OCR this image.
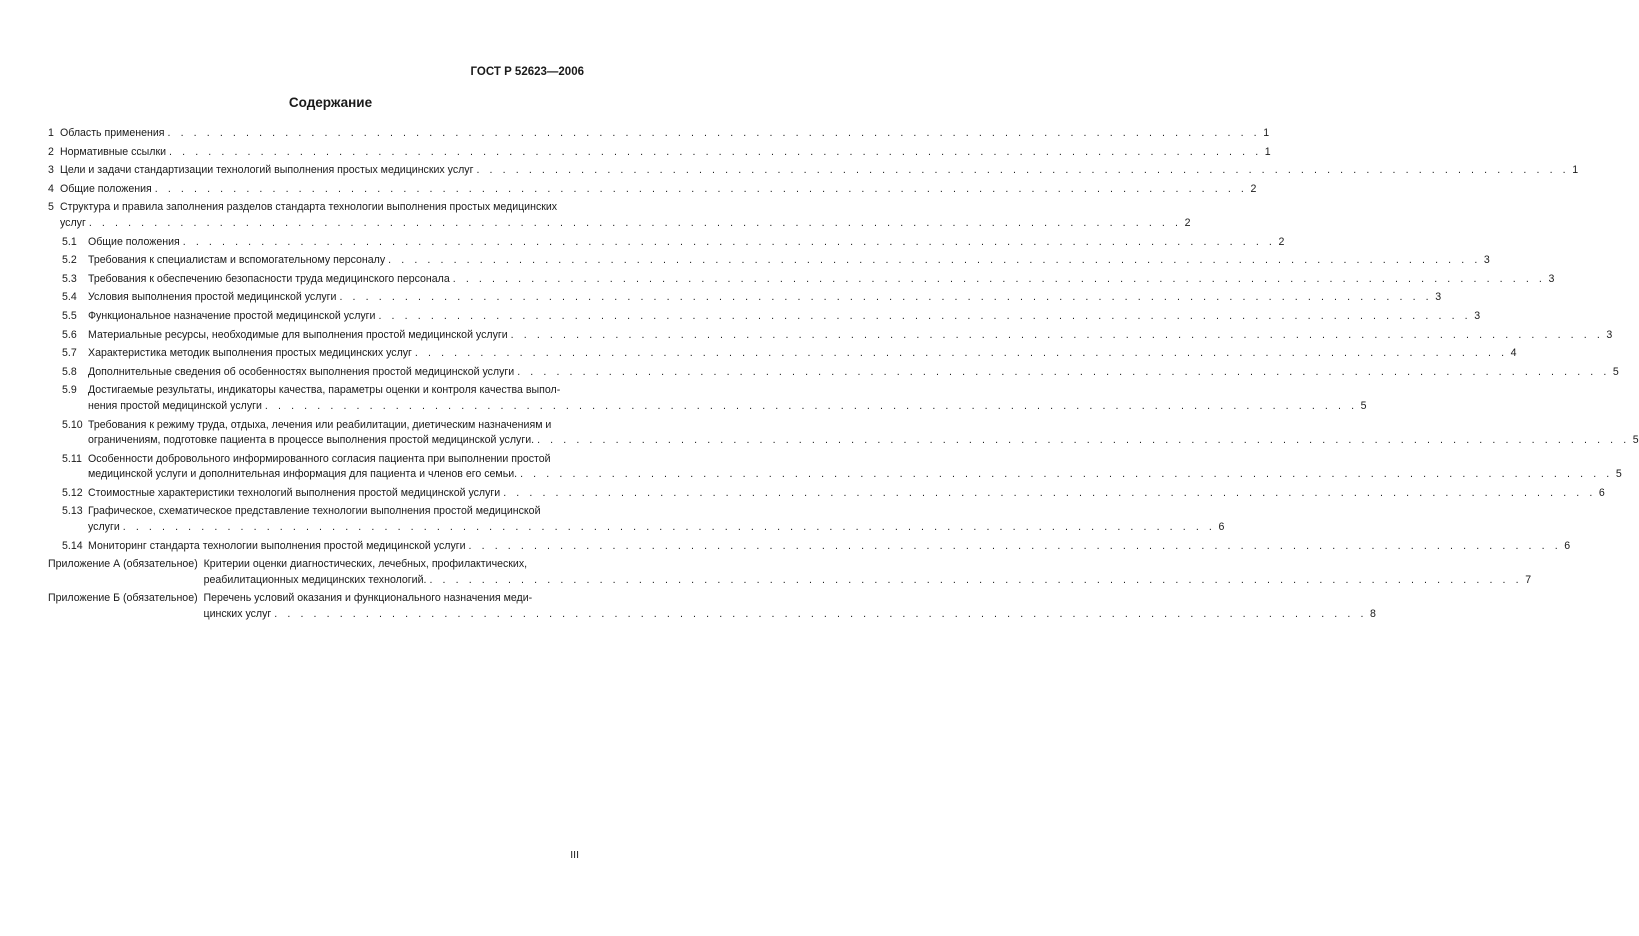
ГОСТ Р 52623—2006
Содержание
1 Область применения . . . . . . . . . . . . . . . . . . . . . . . . . . . . . . . . . . . . . . . . . . . . . . . . . . . . . . . . . . . . . . . . . . . . . . . . . . . . . . . . . . . . 1
2 Нормативные ссылки . . . . . . . . . . . . . . . . . . . . . . . . . . . . . . . . . . . . . . . . . . . . . . . . . . . . . . . . . . . . . . . . . . . . . . . . . . . . . . . . . . . . 1
3 Цели и задачи стандартизации технологий выполнения простых медицинских услуг . . . . . . . . . . . . . . . . . . . . . . . . . . . . . . . . . . . . . . . . . . . . . . . . . . . . . . . . . . . . . . . . . . . . . . . . . . . . . . . . . . . . 1
4 Общие положения . . . . . . . . . . . . . . . . . . . . . . . . . . . . . . . . . . . . . . . . . . . . . . . . . . . . . . . . . . . . . . . . . . . . . . . . . . . . . . . . . . . . 2
5 Структура и правила заполнения разделов стандарта технологии выполнения простых медицинских
услуг . . . . . . . . . . . . . . . . . . . . . . . . . . . . . . . . . . . . . . . . . . . . . . . . . . . . . . . . . . . . . . . . . . . . . . . . . . . . . . . . . . . . 2
5.1	Общие положения . . . . . . . . . . . . . . . . . . . . . . . . . . . . . . . . . . . . . . . . . . . . . . . . . . . . . . . . . . . . . . . . . . . . . . . . . . . . . . . . . . . . 2
5.2	Требования к специалистам и вспомогательному персоналу . . . . . . . . . . . . . . . . . . . . . . . . . . . . . . . . . . . . . . . . . . . . . . . . . . . . . . . . . . . . . . . . . . . . . . . . . . . . . . . . . . . . 3
5.3	Требования к обеспечению безопасности труда медицинского персонала . . . . . . . . . . . . . . . . . . . . . . . . . . . . . . . . . . . . . . . . . . . . . . . . . . . . . . . . . . . . . . . . . . . . . . . . . . . . . . . . . . . . 3
5.4	Условия выполнения простой медицинской услуги . . . . . . . . . . . . . . . . . . . . . . . . . . . . . . . . . . . . . . . . . . . . . . . . . . . . . . . . . . . . . . . . . . . . . . . . . . . . . . . . . . . . 3
5.5	Функциональное назначение простой медицинской услуги . . . . . . . . . . . . . . . . . . . . . . . . . . . . . . . . . . . . . . . . . . . . . . . . . . . . . . . . . . . . . . . . . . . . . . . . . . . . . . . . . . . . 3
5.6	Материальные ресурсы, необходимые для выполнения простой медицинской услуги . . . . . . . . . . . . . . . . . . . . . . . . . . . . . . . . . . . . . . . . . . . . . . . . . . . . . . . . . . . . . . . . . . . . . . . . . . . . . . . . . . . . 3
5.7	Характеристика методик выполнения простых медицинских услуг . . . . . . . . . . . . . . . . . . . . . . . . . . . . . . . . . . . . . . . . . . . . . . . . . . . . . . . . . . . . . . . . . . . . . . . . . . . . . . . . . . . . 4
5.8	Дополнительные сведения об особенностях выполнения простой медицинской услуги . . . . . . . . . . . . . . . . . . . . . . . . . . . . . . . . . . . . . . . . . . . . . . . . . . . . . . . . . . . . . . . . . . . . . . . . . . . . . . . . . . . . 5
5.9	Достигаемые результаты, индикаторы качества, параметры оценки и контроля качества выпол-
нения простой медицинской услуги . . . . . . . . . . . . . . . . . . . . . . . . . . . . . . . . . . . . . . . . . . . . . . . . . . . . . . . . . . . . . . . . . . . . . . . . . . . . . . . . . . . . 5
5.10 Требования к режиму труда, отдыха, лечения или реабилитации, диетическим назначениям и
ограничениям, подготовке пациента в процессе выполнения простой медицинской услуги. . . . . . . . . . . . . . . . . . . . . . . . . . . . . . . . . . . . . . . . . . . . . . . . . . . . . . . . . . . . . . . . . . . . . . . . . . . . . . . . . . . . . 5
5.11 Особенности добровольного информированного согласия пациента при выполнении простой
медицинской услуги и дополнительная информация для пациента и членов его семьи. . . . . . . . . . . . . . . . . . . . . . . . . . . . . . . . . . . . . . . . . . . . . . . . . . . . . . . . . . . . . . . . . . . . . . . . . . . . . . . . . . . . . 5
5.12 Стоимостные характеристики технологий выполнения простой медицинской услуги . . . . . . . . . . . . . . . . . . . . . . . . . . . . . . . . . . . . . . . . . . . . . . . . . . . . . . . . . . . . . . . . . . . . . . . . . . . . . . . . . . . . 6
5.13 Графическое, схематическое представление технологии выполнения простой медицинской
услуги . . . . . . . . . . . . . . . . . . . . . . . . . . . . . . . . . . . . . . . . . . . . . . . . . . . . . . . . . . . . . . . . . . . . . . . . . . . . . . . . . . . . 6
5.14 Мониторинг стандарта технологии выполнения простой медицинской услуги . . . . . . . . . . . . . . . . . . . . . . . . . . . . . . . . . . . . . . . . . . . . . . . . . . . . . . . . . . . . . . . . . . . . . . . . . . . . . . . . . . . . 6
Приложение А (обязательное)
Критерии оценки диагностических, лечебных, профилактических,
реабилитационных медицинских технологий. . . . . . . . . . . . . . . . . . . . . . . . . . . . . . . . . . . . . . . . . . . . . . . . . . . . . . . . . . . . . . . . . . . . . . . . . . . . . . . . . . . . . 7
Приложение Б (обязательное)
Перечень условий оказания и функционального назначения меди-
цинских услуг . . . . . . . . . . . . . . . . . . . . . . . . . . . . . . . . . . . . . . . . . . . . . . . . . . . . . . . . . . . . . . . . . . . . . . . . . . . . . . . . . . . . 8
III
